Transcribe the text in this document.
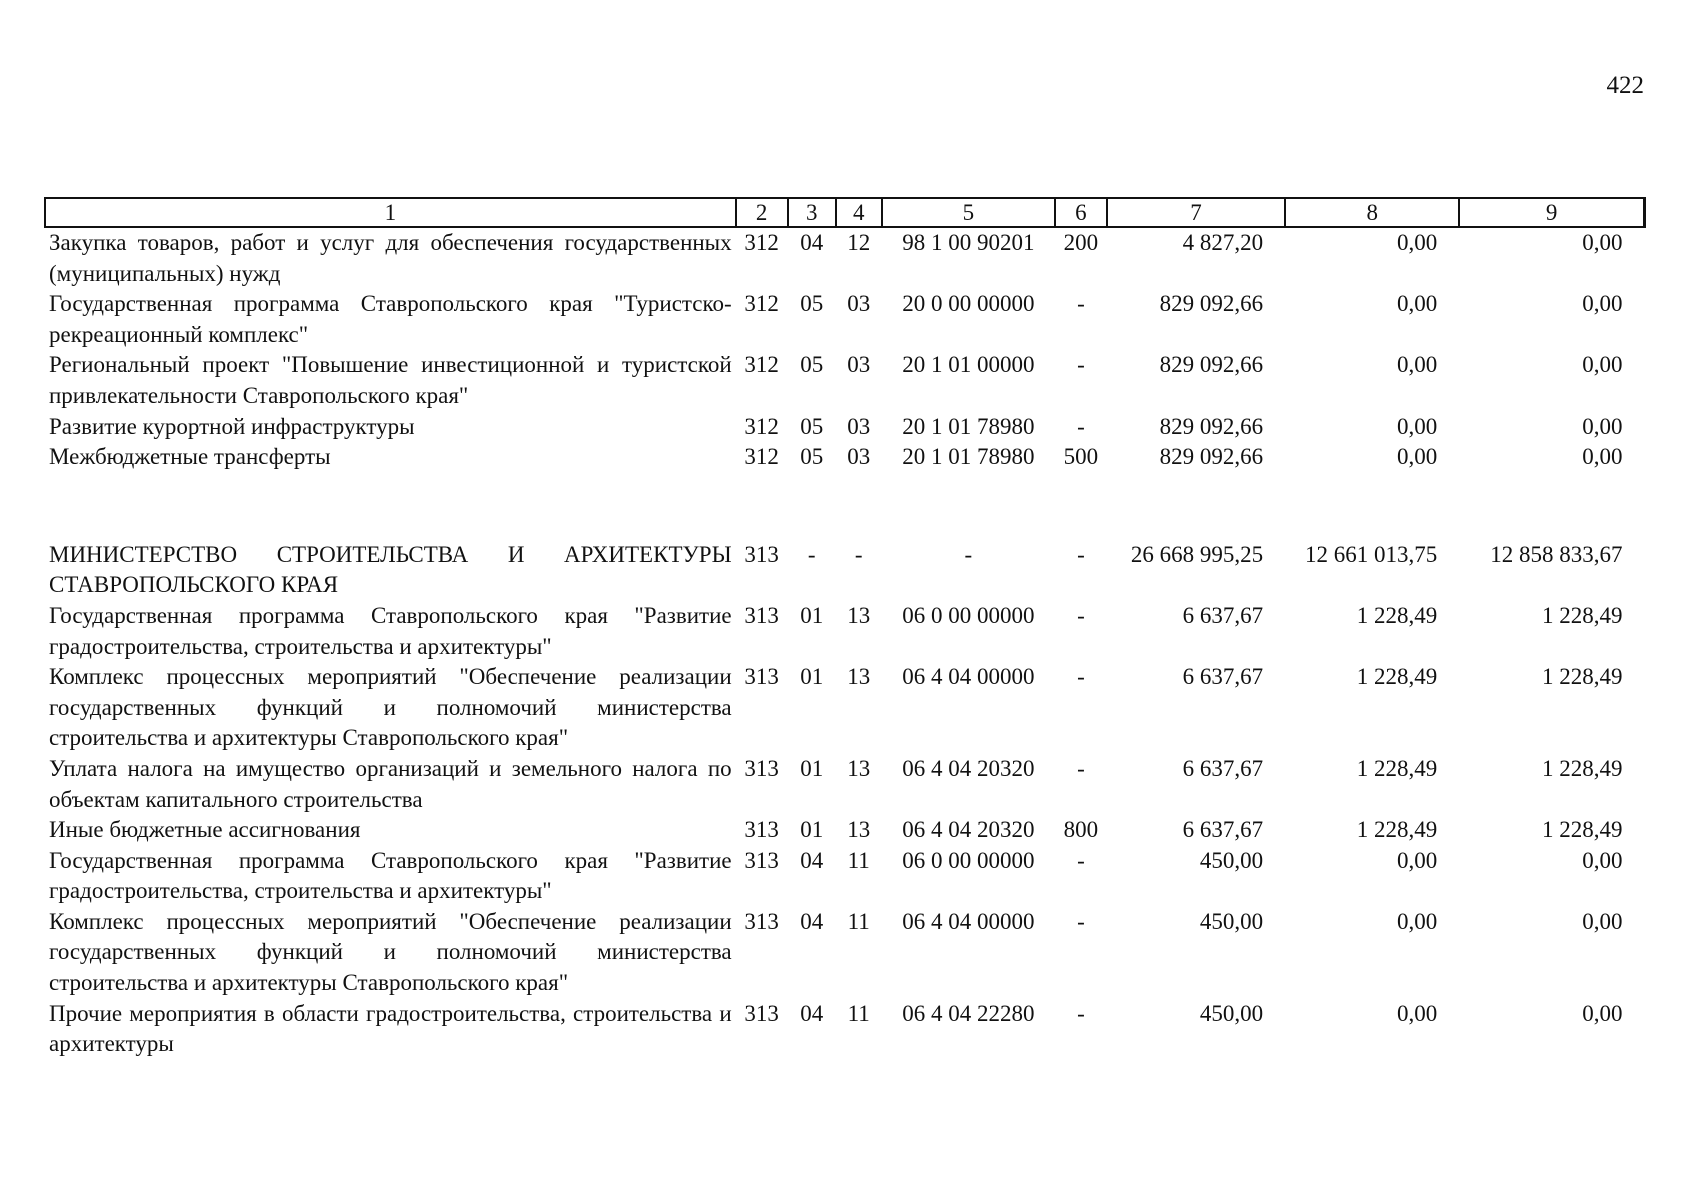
422
1	2	3	4	5	6	7	8	9
Закупка товаров, работ и услуг для обеспечения государственных (муниципальных) нужд	312	04	12	98 1 00 90201	200	4 827,20	0,00	0,00
Государственная программа Ставропольского края "Туристско-рекреационный комплекс"	312	05	03	20 0 00 00000	-	829 092,66	0,00	0,00
Региональный проект "Повышение инвестиционной и туристской привлекательности Ставропольского края"	312	05	03	20 1 01 00000	-	829 092,66	0,00	0,00
Развитие курортной инфраструктуры	312	05	03	20 1 01 78980	-	829 092,66	0,00	0,00
Межбюджетные трансферты	312	05	03	20 1 01 78980	500	829 092,66	0,00	0,00

МИНИСТЕРСТВО СТРОИТЕЛЬСТВА И АРХИТЕКТУРЫ СТАВРОПОЛЬСКОГО КРАЯ	313	-	-	-	-	26 668 995,25	12 661 013,75	12 858 833,67
Государственная программа Ставропольского края "Развитие градостроительства, строительства и архитектуры"	313	01	13	06 0 00 00000	-	6 637,67	1 228,49	1 228,49
Комплекс процессных мероприятий "Обеспечение реализации государственных функций и полномочий министерства строительства и архитектуры Ставропольского края"	313	01	13	06 4 04 00000	-	6 637,67	1 228,49	1 228,49
Уплата налога на имущество организаций и земельного налога по объектам капитального строительства	313	01	13	06 4 04 20320	-	6 637,67	1 228,49	1 228,49
Иные бюджетные ассигнования	313	01	13	06 4 04 20320	800	6 637,67	1 228,49	1 228,49
Государственная программа Ставропольского края "Развитие градостроительства, строительства и архитектуры"	313	04	11	06 0 00 00000	-	450,00	0,00	0,00
Комплекс процессных мероприятий "Обеспечение реализации государственных функций и полномочий министерства строительства и архитектуры Ставропольского края"	313	04	11	06 4 04 00000	-	450,00	0,00	0,00
Прочие мероприятия в области градостроительства, строительства и архитектуры	313	04	11	06 4 04 22280	-	450,00	0,00	0,00
